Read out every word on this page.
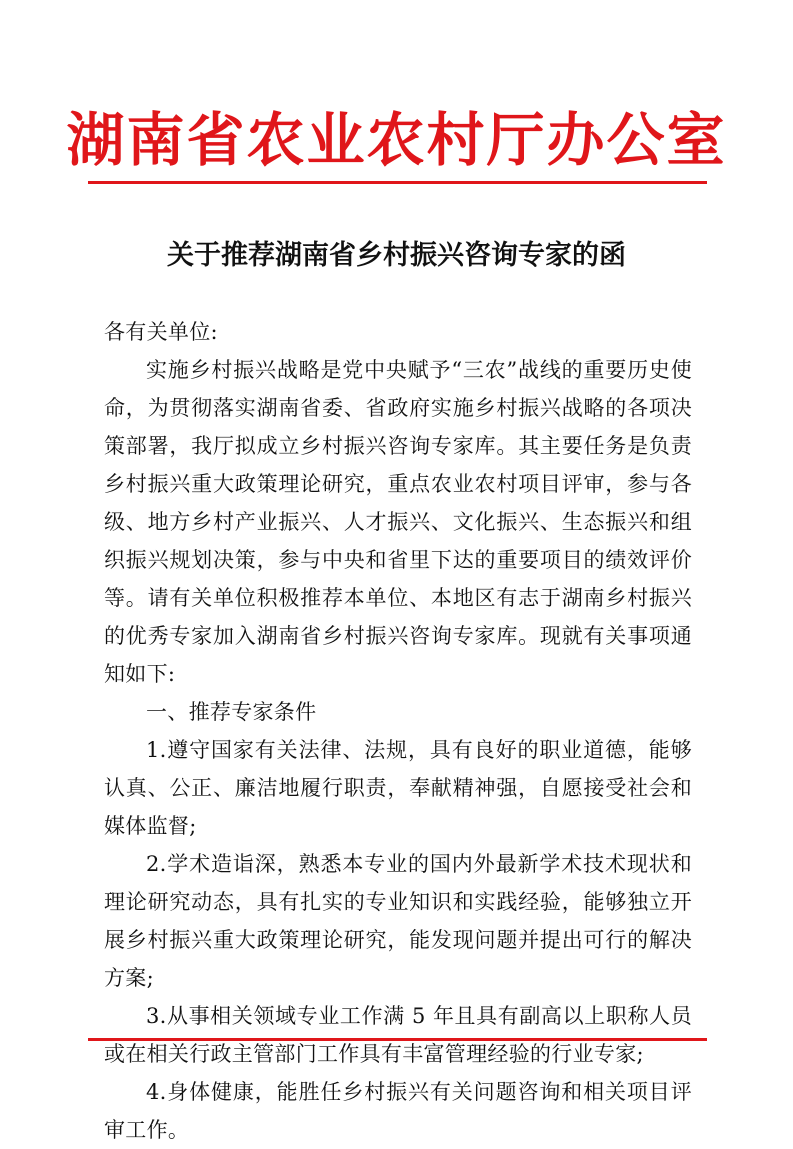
湖南省农业农村厅办公室
关于推荐湖南省乡村振兴咨询专家的函

各有关单位:

实施乡村振兴战略是党中央赋予“三农”战线的重要历史使命，为贯彻落实湖南省委、省政府实施乡村振兴战略的各项决策部署，我厅拟成立乡村振兴咨询专家库。其主要任务是负责乡村振兴重大政策理论研究，重点农业农村项目评审，参与各级、地方乡村产业振兴、人才振兴、文化振兴、生态振兴和组织振兴规划决策，参与中央和省里下达的重要项目的绩效评价等。请有关单位积极推荐本单位、本地区有志于湖南乡村振兴的优秀专家加入湖南省乡村振兴咨询专家库。现就有关事项通知如下:

一、推荐专家条件

1.遵守国家有关法律、法规，具有良好的职业道德，能够认真、公正、廉洁地履行职责，奉献精神强，自愿接受社会和媒体监督;

2.学术造诣深，熟悉本专业的国内外最新学术技术现状和理论研究动态，具有扎实的专业知识和实践经验，能够独立开展乡村振兴重大政策理论研究，能发现问题并提出可行的解决方案;

3.从事相关领域专业工作满 5 年且具有副高以上职称人员或在相关行政主管部门工作具有丰富管理经验的行业专家;

4.身体健康，能胜任乡村振兴有关问题咨询和相关项目评审工作。
